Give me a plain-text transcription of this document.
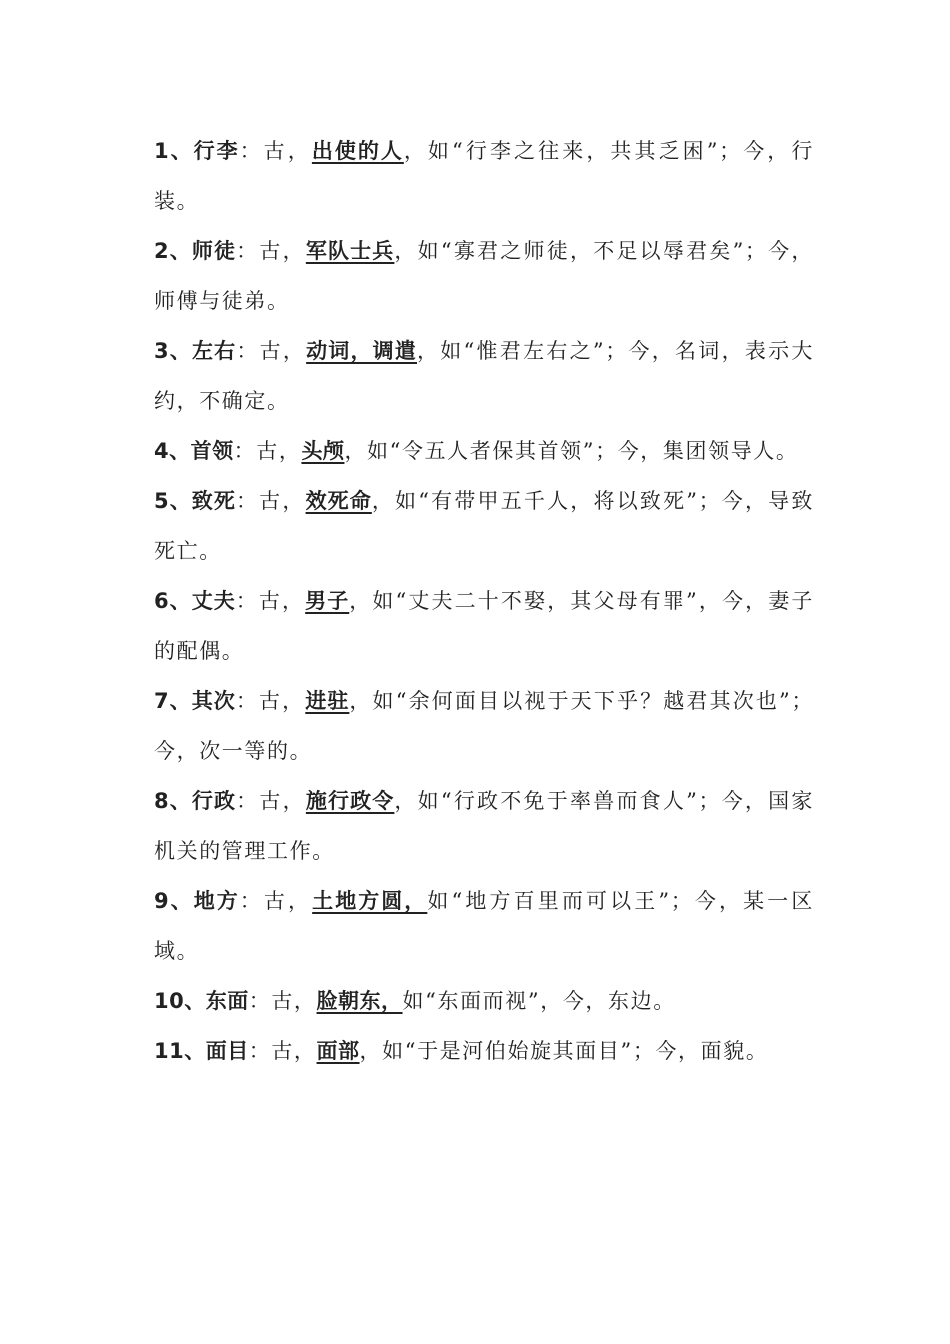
1、行李：古，出使的人，如“行李之往来，共其乏困”；今，行装。

2、师徒：古，军队士兵，如“寡君之师徒，不足以辱君矣”；今，师傅与徒弟。

3、左右：古，动词，调遣，如“惟君左右之”；今，名词，表示大约，不确定。

4、首领：古，头颅，如“令五人者保其首领”；今，集团领导人。

5、致死：古，效死命，如“有带甲五千人，将以致死”；今，导致死亡。

6、丈夫：古，男子，如“丈夫二十不娶，其父母有罪”，今，妻子的配偶。

7、其次：古，进驻，如“余何面目以视于天下乎？越君其次也”；今，次一等的。

8、行政：古，施行政令，如“行政不免于率兽而食人”；今，国家机关的管理工作。

9、地方：古，土地方圆，如“地方百里而可以王”；今，某一区域。

10、东面：古，脸朝东，如“东面而视”，今，东边。

11、面目：古，面部，如“于是河伯始旋其面目”；今，面貌。
